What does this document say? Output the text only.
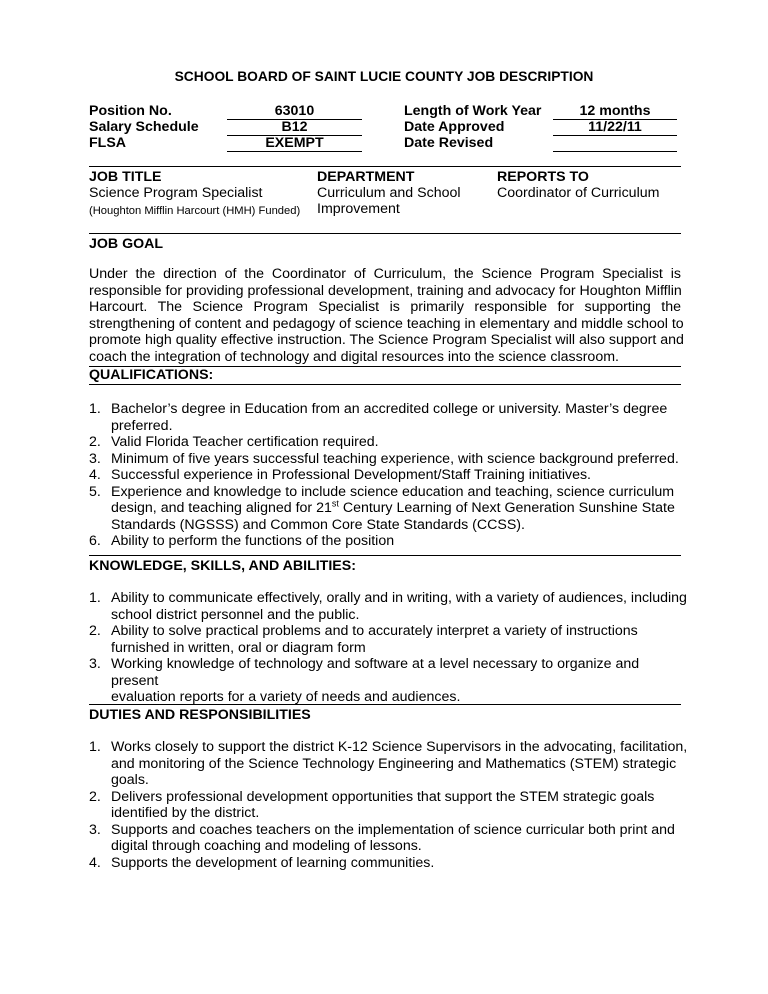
SCHOOL BOARD OF SAINT LUCIE COUNTY JOB DESCRIPTION
Position No.
Salary Schedule
FLSA
63010
B12
EXEMPT
Length of Work Year
Date Approved
Date Revised
12 months
11/22/11
JOB TITLE
Science Program Specialist
(Houghton Mifflin Harcourt (HMH) Funded)
DEPARTMENT
Curriculum and School
Improvement
REPORTS TO
Coordinator of Curriculum
JOB GOAL
Under the direction of the Coordinator of Curriculum, the Science Program Specialist is
responsible for providing professional development, training and advocacy for Houghton Mifflin
Harcourt. The Science Program Specialist is primarily responsible for supporting the
strengthening of content and pedagogy of science teaching in elementary and middle school to
promote high quality effective instruction. The Science Program Specialist will also support and
coach the integration of technology and digital resources into the science classroom.
QUALIFICATIONS:
1. Bachelor’s degree in Education from an accredited college or university. Master’s degree
preferred.
2. Valid Florida Teacher certification required.
3. Minimum of five years successful teaching experience, with science background preferred.
4. Successful experience in Professional Development/Staff Training initiatives.
5. Experience and knowledge to include science education and teaching, science curriculum
design, and teaching aligned for 21st Century Learning of Next Generation Sunshine State
Standards (NGSSS) and Common Core State Standards (CCSS).
6. Ability to perform the functions of the position
KNOWLEDGE, SKILLS, AND ABILITIES:
1. Ability to communicate effectively, orally and in writing, with a variety of audiences, including
school district personnel and the public.
2. Ability to solve practical problems and to accurately interpret a variety of instructions
furnished in written, oral or diagram form
3. Working knowledge of technology and software at a level necessary to organize and present
evaluation reports for a variety of needs and audiences.
DUTIES AND RESPONSIBILITIES
1. Works closely to support the district K-12 Science Supervisors in the advocating, facilitation,
and monitoring of the Science Technology Engineering and Mathematics (STEM) strategic
goals.
2. Delivers professional development opportunities that support the STEM strategic goals
identified by the district.
3. Supports and coaches teachers on the implementation of science curricular both print and
digital through coaching and modeling of lessons.
4. Supports the development of learning communities.
